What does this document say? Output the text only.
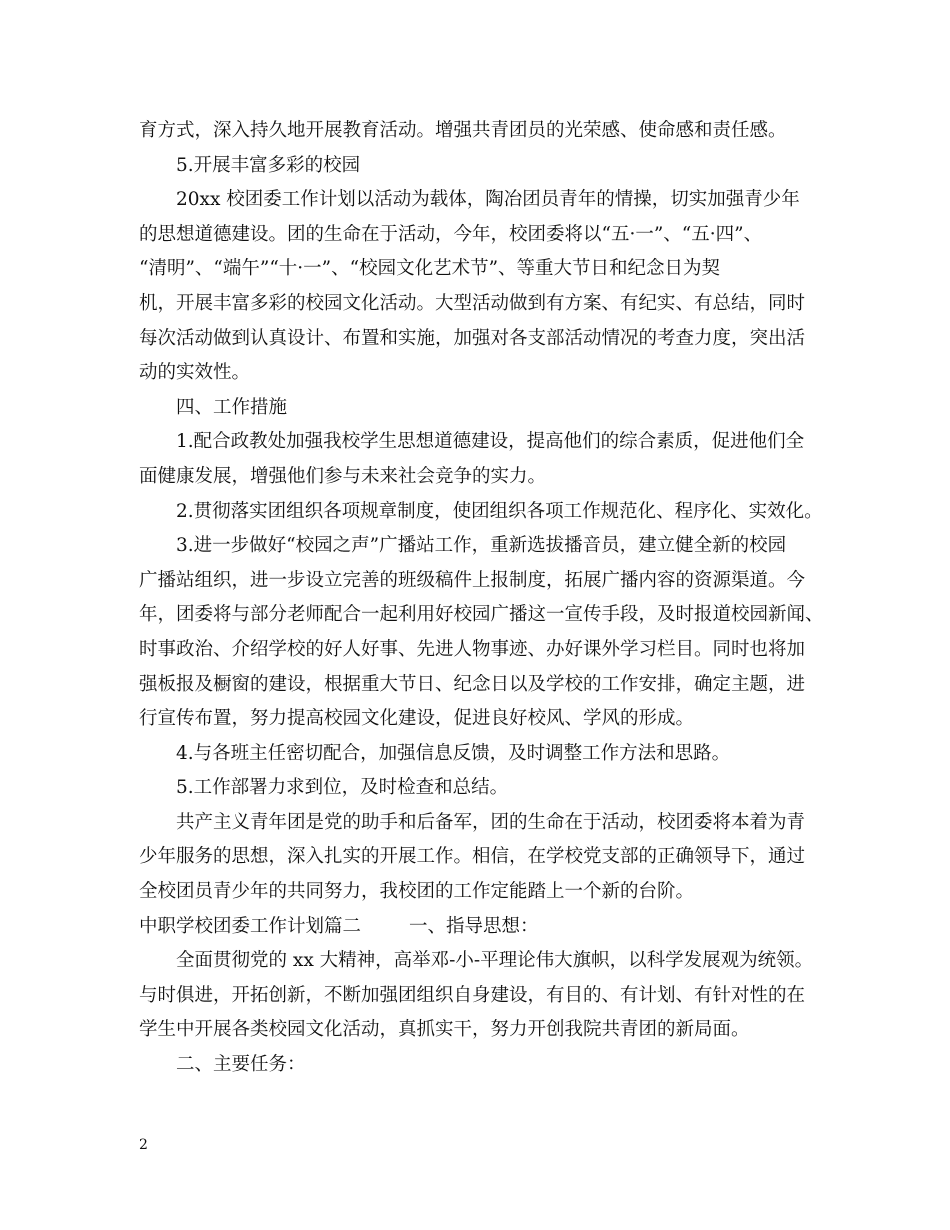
育方式，深入持久地开展教育活动。增强共青团员的光荣感、使命感和责任感。
5.开展丰富多彩的校园
20xx 校团委工作计划以活动为载体，陶冶团员青年的情操，切实加强青少年
的思想道德建设。团的生命在于活动，今年，校团委将以“五·一”、“五·四”、
“清明”、“端午”“十·一”、“校园文化艺术节”、等重大节日和纪念日为契
机，开展丰富多彩的校园文化活动。大型活动做到有方案、有纪实、有总结，同时
每次活动做到认真设计、布置和实施，加强对各支部活动情况的考查力度，突出活
动的实效性。
四、工作措施
1.配合政教处加强我校学生思想道德建设，提高他们的综合素质，促进他们全
面健康发展，增强他们参与未来社会竞争的实力。
2.贯彻落实团组织各项规章制度，使团组织各项工作规范化、程序化、实效化。
3.进一步做好“校园之声”广播站工作，重新选拔播音员，建立健全新的校园
广播站组织，进一步设立完善的班级稿件上报制度，拓展广播内容的资源渠道。今
年，团委将与部分老师配合一起利用好校园广播这一宣传手段，及时报道校园新闻、
时事政治、介绍学校的好人好事、先进人物事迹、办好课外学习栏目。同时也将加
强板报及橱窗的建设，根据重大节日、纪念日以及学校的工作安排，确定主题，进
行宣传布置，努力提高校园文化建设，促进良好校风、学风的形成。
4.与各班主任密切配合，加强信息反馈，及时调整工作方法和思路。
5.工作部署力求到位，及时检查和总结。
共产主义青年团是党的助手和后备军，团的生命在于活动，校团委将本着为青
少年服务的思想，深入扎实的开展工作。相信，在学校党支部的正确领导下，通过
全校团员青少年的共同努力，我校团的工作定能踏上一个新的台阶。
中职学校团委工作计划篇二	一、指导思想：
全面贯彻党的 xx 大精神，高举邓-小-平理论伟大旗帜，以科学发展观为统领。
与时俱进，开拓创新，不断加强团组织自身建设，有目的、有计划、有针对性的在
学生中开展各类校园文化活动，真抓实干，努力开创我院共青团的新局面。
二、主要任务：
2
